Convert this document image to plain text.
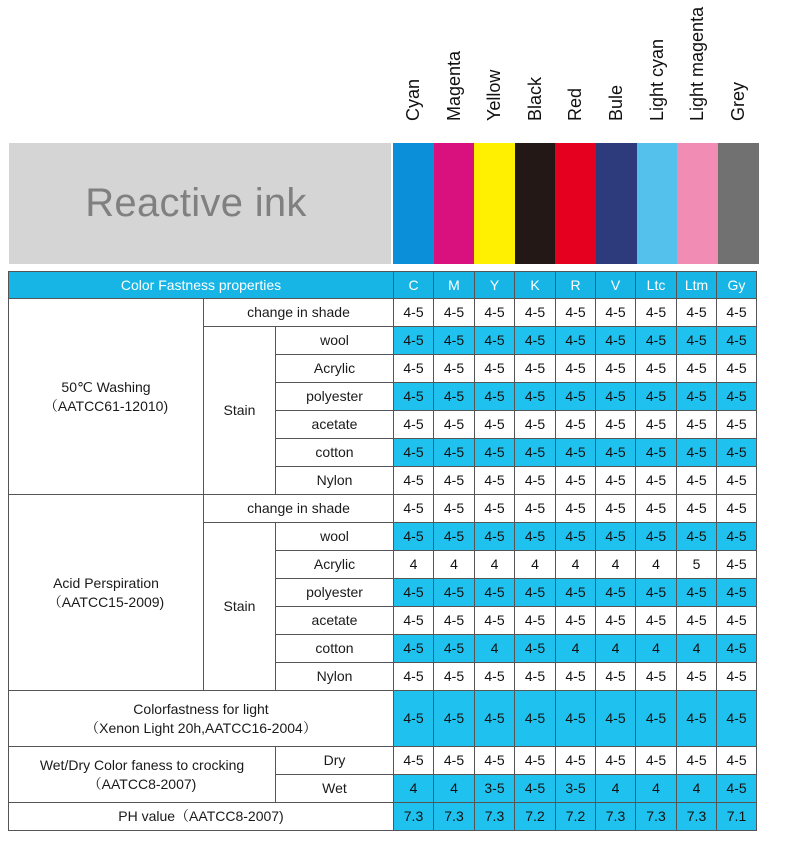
Reactive ink
Cyan Magenta Yellow Black Red Bule Light cyan Light magenta Grey
Color Fastness properties			C	M	Y	K	R	V	Ltc	Ltm	Gy
50℃ Washing
（AATCC61-12010)	change in shade		4-5	4-5	4-5	4-5	4-5	4-5	4-5	4-5	4-5
	Stain	wool	4-5	4-5	4-5	4-5	4-5	4-5	4-5	4-5	4-5
		Acrylic	4-5	4-5	4-5	4-5	4-5	4-5	4-5	4-5	4-5
		polyester	4-5	4-5	4-5	4-5	4-5	4-5	4-5	4-5	4-5
		acetate	4-5	4-5	4-5	4-5	4-5	4-5	4-5	4-5	4-5
		cotton	4-5	4-5	4-5	4-5	4-5	4-5	4-5	4-5	4-5
		Nylon	4-5	4-5	4-5	4-5	4-5	4-5	4-5	4-5	4-5
Acid Perspiration
（AATCC15-2009)	change in shade		4-5	4-5	4-5	4-5	4-5	4-5	4-5	4-5	4-5
	Stain	wool	4-5	4-5	4-5	4-5	4-5	4-5	4-5	4-5	4-5
		Acrylic	4	4	4	4	4	4	4	5	4-5
		polyester	4-5	4-5	4-5	4-5	4-5	4-5	4-5	4-5	4-5
		acetate	4-5	4-5	4-5	4-5	4-5	4-5	4-5	4-5	4-5
		cotton	4-5	4-5	4	4-5	4	4	4	4	4-5
		Nylon	4-5	4-5	4-5	4-5	4-5	4-5	4-5	4-5	4-5
Colorfastness for light
（Xenon Light 20h,AATCC16-2004）			4-5	4-5	4-5	4-5	4-5	4-5	4-5	4-5	4-5
Wet/Dry Color faness to crocking
（AATCC8-2007)		Dry	4-5	4-5	4-5	4-5	4-5	4-5	4-5	4-5	4-5
		Wet	4	4	3-5	4-5	3-5	4	4	4	4-5
PH value（AATCC8-2007)			7.3	7.3	7.3	7.2	7.2	7.3	7.3	7.3	7.1
